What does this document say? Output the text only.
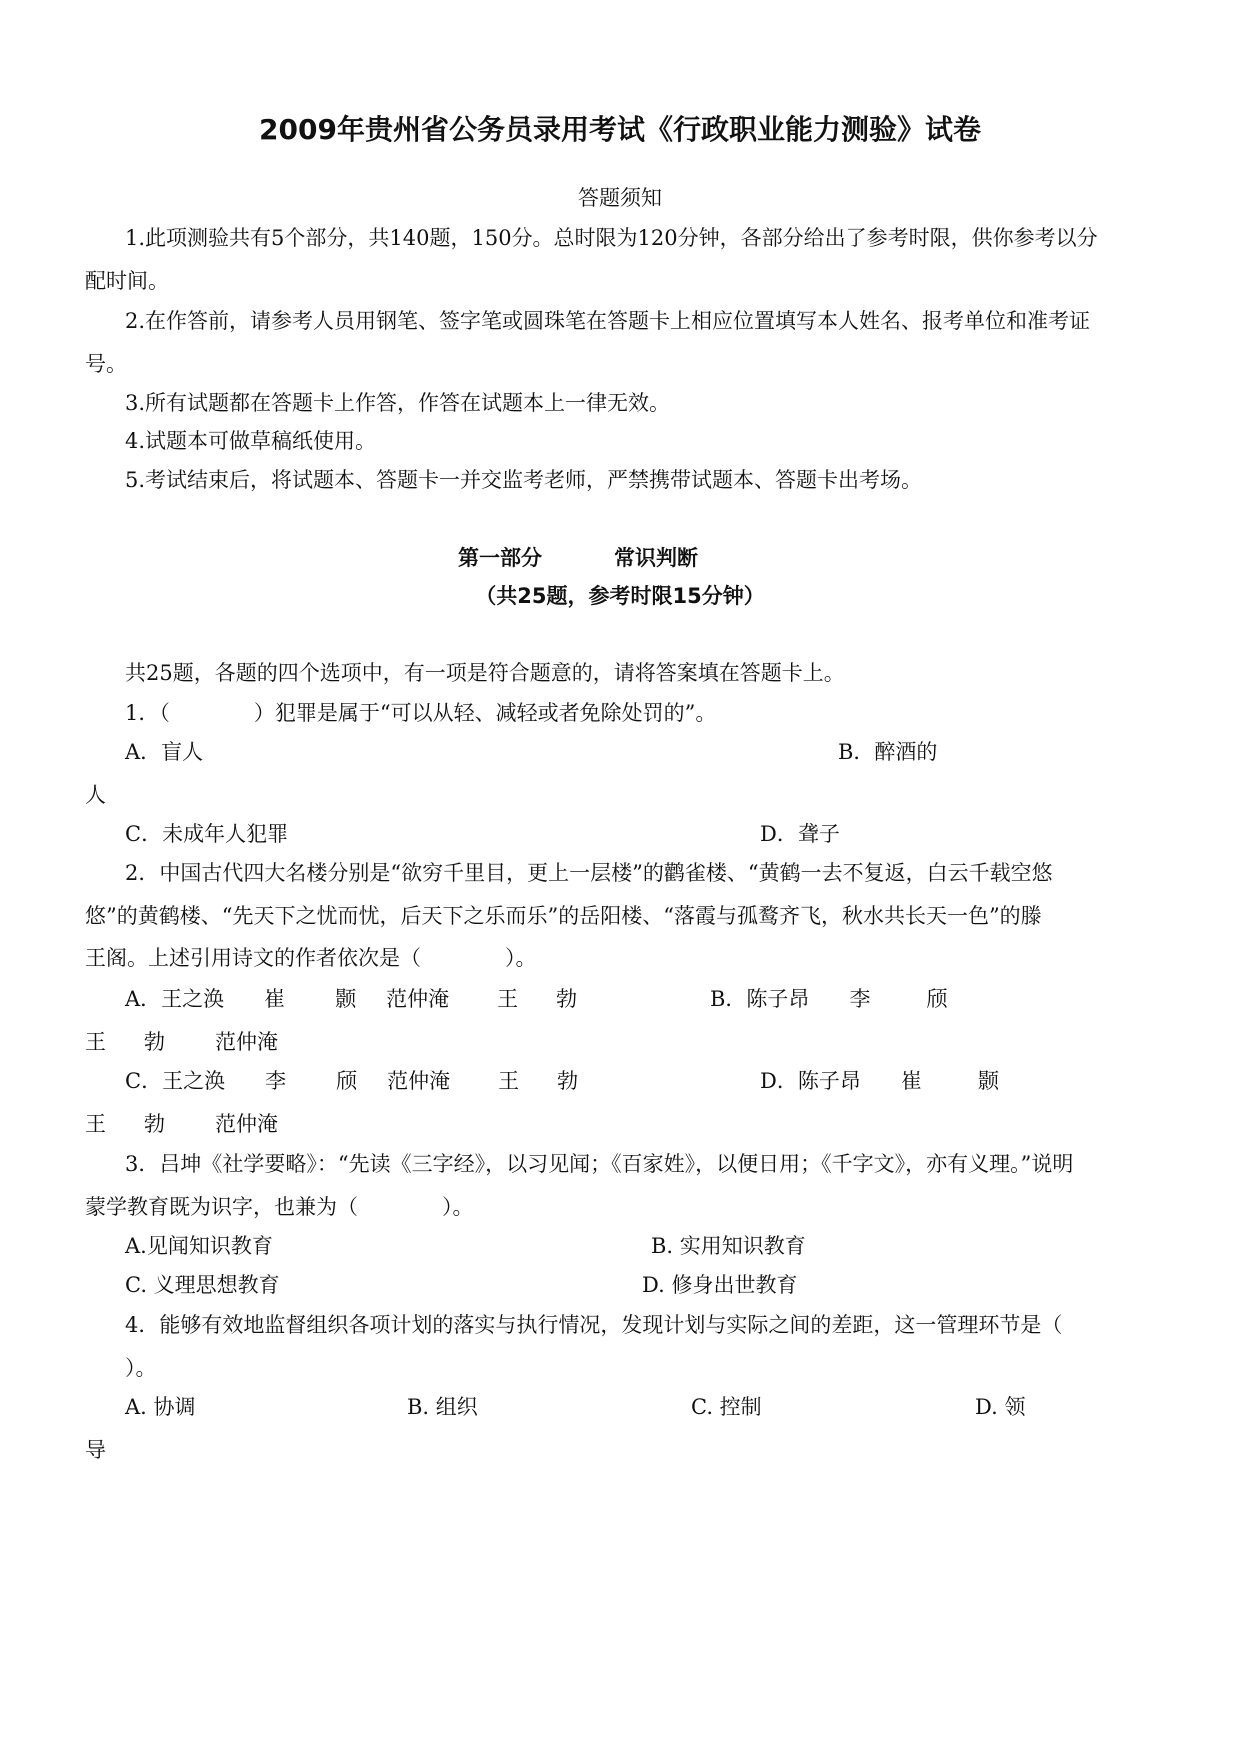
2009年贵州省公务员录用考试《行政职业能力测验》试卷
答题须知
1.此项测验共有5个部分，共140题，150分。总时限为120分钟，各部分给出了参考时限，供你参考以分
配时间。
2.在作答前，请参考人员用钢笔、签字笔或圆珠笔在答题卡上相应位置填写本人姓名、报考单位和准考证
号。
3.所有试题都在答题卡上作答，作答在试题本上一律无效。
4.试题本可做草稿纸使用。
5.考试结束后，将试题本、答题卡一并交监考老师，严禁携带试题本、答题卡出考场。
第一部分	常识判断
（共25题，参考时限15分钟）
共25题，各题的四个选项中，有一项是符合题意的，请将答案填在答题卡上。
1．（　　　　）犯罪是属于“可以从轻、减轻或者免除处罚的”。
A．盲人	B．醉酒的
人
C．未成年人犯罪	D．聋子
2．中国古代四大名楼分别是“欲穷千里目，更上一层楼”的鹳雀楼、“黄鹤一去不复返，白云千载空悠
悠”的黄鹤楼、“先天下之忧而忧，后天下之乐而乐”的岳阳楼、“落霞与孤鹜齐飞，秋水共长天一色”的滕
王阁。上述引用诗文的作者依次是（　　　　）。
A．王之涣 崔 颢 范仲淹 王 勃	B．陈子昂 李	颀
王 勃 范仲淹
C．王之涣 李 颀 范仲淹 王 勃	D．陈子昂 崔	颢
王 勃 范仲淹
3．吕坤《社学要略》：“先读《三字经》，以习见闻；《百家姓》，以便日用；《千字文》，亦有义理。”说明
蒙学教育既为识字，也兼为（　　　　）。
A.见闻知识教育	B. 实用知识教育
C. 义理思想教育	D. 修身出世教育
4．能够有效地监督组织各项计划的落实与执行情况，发现计划与实际之间的差距，这一管理环节是（
）。
A. 协调	B. 组织	C. 控制	D. 领
导
